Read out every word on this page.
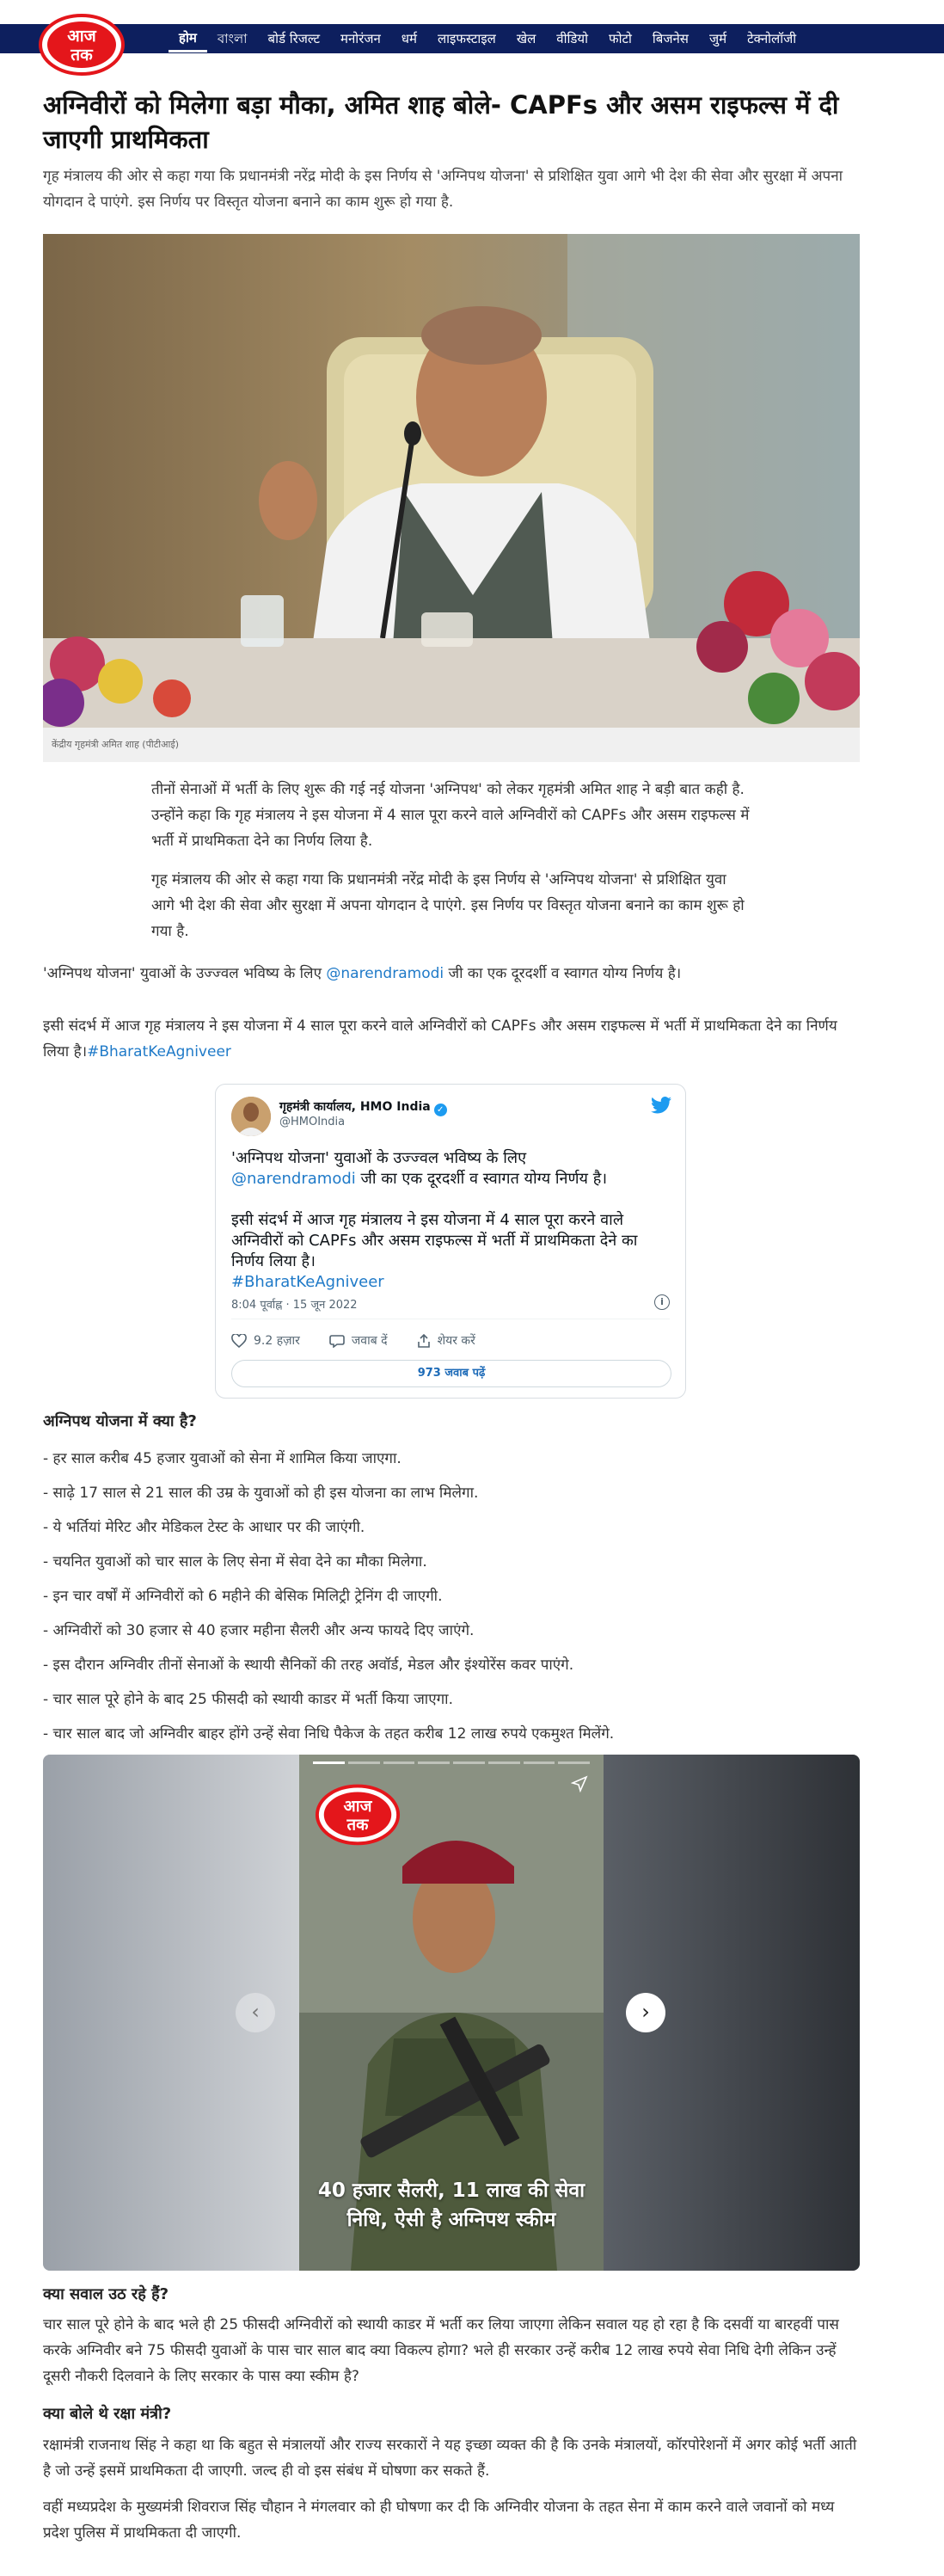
आज
तक
होम	বাংলা	बोर्ड रिजल्ट	मनोरंजन	धर्म	लाइफस्टाइल	खेल	वीडियो	फोटो	बिजनेस	जुर्म	टेक्नोलॉजी
अग्निवीरों को मिलेगा बड़ा मौका, अमित शाह बोले- CAPFs और असम राइफल्स में दी जाएगी प्राथमिकता

गृह मंत्रालय की ओर से कहा गया कि प्रधानमंत्री नरेंद्र मोदी के इस निर्णय से 'अग्निपथ योजना' से प्रशिक्षित युवा आगे भी देश की सेवा और सुरक्षा में अपना योगदान दे पाएंगे. इस निर्णय पर विस्तृत योजना बनाने का काम शुरू हो गया है.

केंद्रीय गृहमंत्री अमित शाह (पीटीआई)

तीनों सेनाओं में भर्ती के लिए शुरू की गई नई योजना 'अग्निपथ' को लेकर गृहमंत्री अमित शाह ने बड़ी बात कही है. उन्होंने कहा कि गृह मंत्रालय ने इस योजना में 4 साल पूरा करने वाले अग्निवीरों को CAPFs और असम राइफल्स में भर्ती में प्राथमिकता देने का निर्णय लिया है.

गृह मंत्रालय की ओर से कहा गया कि प्रधानमंत्री नरेंद्र मोदी के इस निर्णय से 'अग्निपथ योजना' से प्रशिक्षित युवा आगे भी देश की सेवा और सुरक्षा में अपना योगदान दे पाएंगे. इस निर्णय पर विस्तृत योजना बनाने का काम शुरू हो गया है.

'अग्निपथ योजना' युवाओं के उज्ज्वल भविष्य के लिए @narendramodi जी का एक दूरदर्शी व स्वागत योग्य निर्णय है।

इसी संदर्भ में आज गृह मंत्रालय ने इस योजना में 4 साल पूरा करने वाले अग्निवीरों को CAPFs और असम राइफल्स में भर्ती में प्राथमिकता देने का निर्णय लिया है।#BharatKeAgniveer

गृहमंत्री कार्यालय, HMO India ✓
@HMOIndia
'अग्निपथ योजना' युवाओं के उज्ज्वल भविष्य के लिए
@narendramodi जी का एक दूरदर्शी व स्वागत योग्य निर्णय है।
इसी संदर्भ में आज गृह मंत्रालय ने इस योजना में 4 साल पूरा करने वाले अग्निवीरों को CAPFs और असम राइफल्स में भर्ती में प्राथमिकता देने का निर्णय लिया है।
#BharatKeAgniveer
8:04 पूर्वाह्न · 15 जून 2022	i
9.2 हज़ार	जवाब दें	शेयर करें
973 जवाब पढ़ें
अग्निपथ योजना में क्या है?
- हर साल करीब 45 हजार युवाओं को सेना में शामिल किया जाएगा.
- साढ़े 17 साल से 21 साल की उम्र के युवाओं को ही इस योजना का लाभ मिलेगा.
- ये भर्तियां मेरिट और मेडिकल टेस्ट के आधार पर की जाएंगी.
- चयनित युवाओं को चार साल के लिए सेना में सेवा देने का मौका मिलेगा.
- इन चार वर्षों में अग्निवीरों को 6 महीने की बेसिक मिलिट्री ट्रेनिंग दी जाएगी.
- अग्निवीरों को 30 हजार से 40 हजार महीना सैलरी और अन्य फायदे दिए जाएंगे.
- इस दौरान अग्निवीर तीनों सेनाओं के स्थायी सैनिकों की तरह अवॉर्ड, मेडल और इंश्योरेंस कवर पाएंगे.
- चार साल पूरे होने के बाद 25 फीसदी को स्थायी काडर में भर्ती किया जाएगा.
- चार साल बाद जो अग्निवीर बाहर होंगे उन्हें सेवा निधि पैकेज के तहत करीब 12 लाख रुपये एकमुश्त मिलेंगे.
आज
तक
40 हजार सैलरी, 11 लाख की सेवा निधि, ऐसी है अग्निपथ स्कीम
‹	›
क्या सवाल उठ रहे हैं?

चार साल पूरे होने के बाद भले ही 25 फीसदी अग्निवीरों को स्थायी काडर में भर्ती कर लिया जाएगा लेकिन सवाल यह हो रहा है कि दसवीं या बारहवीं पास करके अग्निवीर बने 75 फीसदी युवाओं के पास चार साल बाद क्या विकल्प होगा? भले ही सरकार उन्हें करीब 12 लाख रुपये सेवा निधि देगी लेकिन उन्हें दूसरी नौकरी दिलवाने के लिए सरकार के पास क्या स्कीम है?

क्या बोले थे रक्षा मंत्री?

रक्षामंत्री राजनाथ सिंह ने कहा था कि बहुत से मंत्रालयों और राज्य सरकारों ने यह इच्छा व्यक्त की है कि उनके मंत्रालयों, कॉरपोरेशनों में अगर कोई भर्ती आती है जो उन्हें इसमें प्राथमिकता दी जाएगी. जल्द ही वो इस संबंध में घोषणा कर सकते हैं.

वहीं मध्यप्रदेश के मुख्यमंत्री शिवराज सिंह चौहान ने मंगलवार को ही घोषणा कर दी कि अग्निवीर योजना के तहत सेना में काम करने वाले जवानों को मध्य प्रदेश पुलिस में प्राथमिकता दी जाएगी.
